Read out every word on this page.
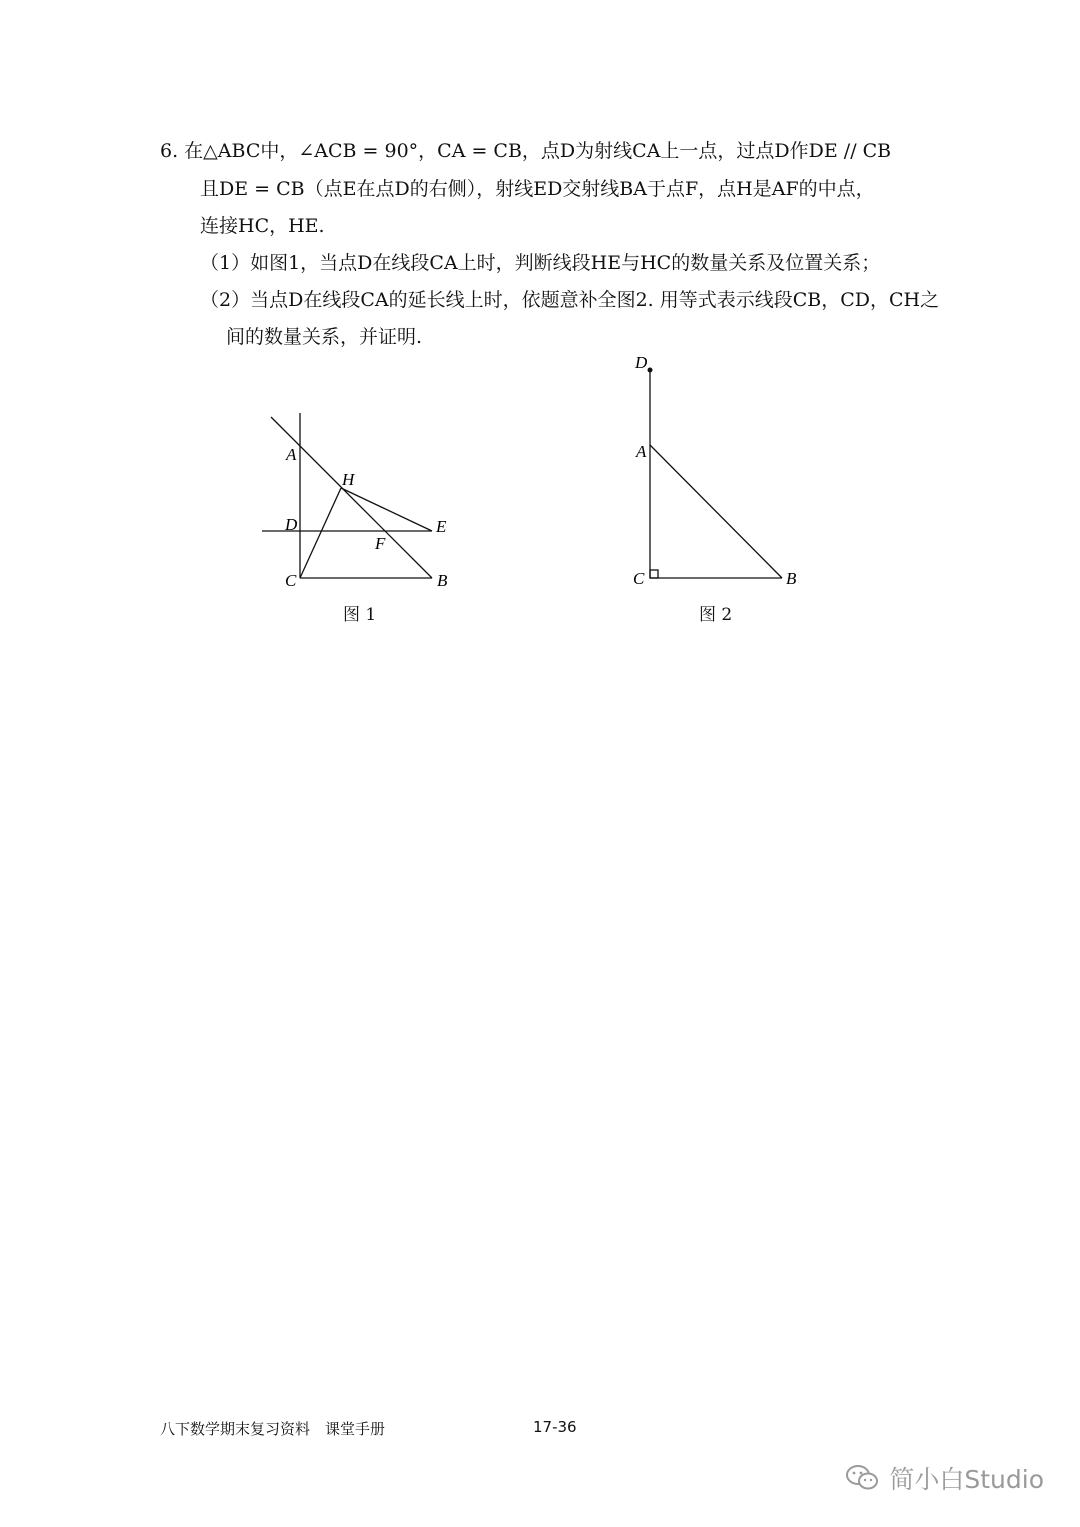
6. 在△ABC中，∠ACB = 90°，CA = CB，点D为射线CA上一点，过点D作DE // CB
且DE = CB（点E在点D的右侧），射线ED交射线BA于点F，点H是AF的中点，
连接HC，HE.
（1）如图1，当点D在线段CA上时，判断线段HE与HC的数量关系及位置关系；
（2）当点D在线段CA的延长线上时，依题意补全图2. 用等式表示线段CB，CD，CH之
间的数量关系，并证明.
A
H
D	E
F
C	B
图 1
D
A
C	B
图 2
八下数学期末复习资料　课堂手册	17-36
简小白Studio
